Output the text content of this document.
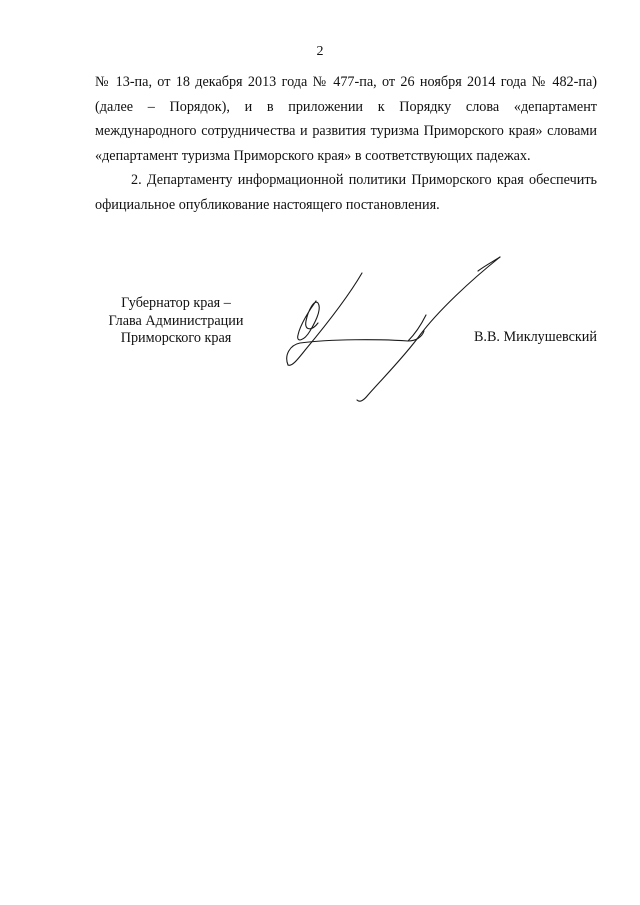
2

№ 13-па, от 18 декабря 2013 года № 477-па, от 26 ноября 2014 года № 482-па) (далее – Порядок), и в приложении к Порядку слова «департамент международного сотрудничества и развития туризма Приморского края» словами «департамент туризма Приморского края» в соответствующих падежах.

2. Департаменту информационной политики Приморского края обеспечить официальное опубликование настоящего постановления.

Губернатор края –
Глава Администрации
Приморского края	В.В. Миклушевский
